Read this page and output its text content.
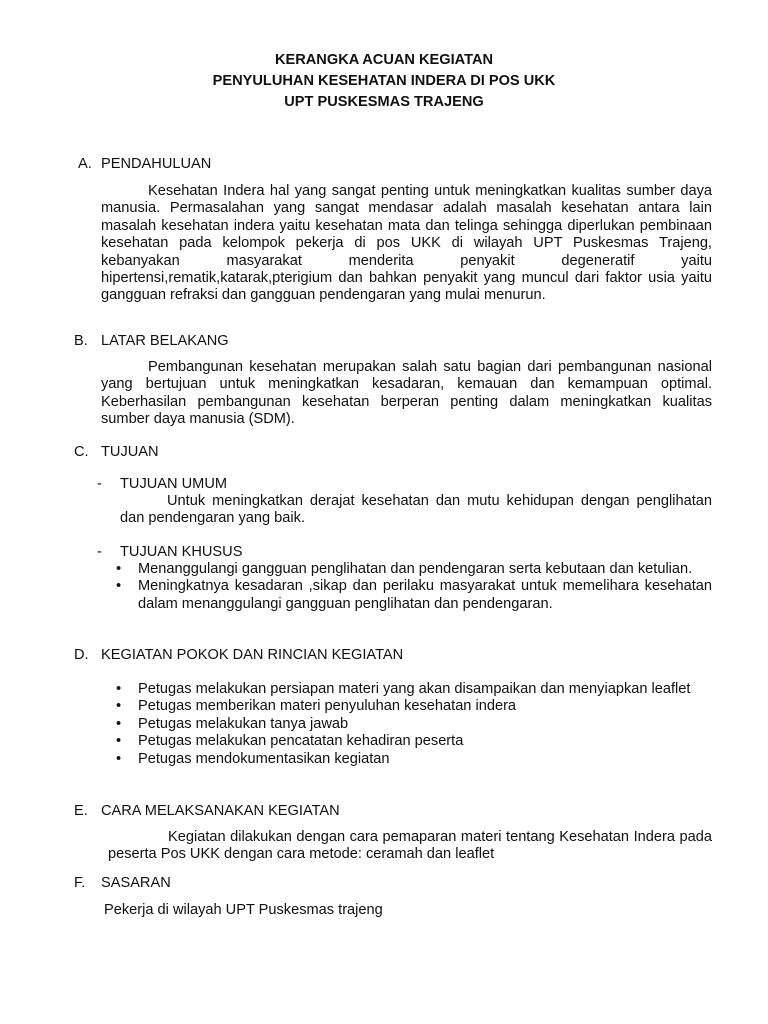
KERANGKA ACUAN KEGIATAN
PENYULUHAN KESEHATAN INDERA DI POS UKK
UPT PUSKESMAS TRAJENG
A. PENDAHULUAN
Kesehatan Indera hal yang sangat penting untuk meningkatkan kualitas sumber daya manusia. Permasalahan yang sangat mendasar adalah masalah kesehatan antara lain masalah kesehatan indera yaitu kesehatan mata dan telinga sehingga diperlukan pembinaan kesehatan pada kelompok pekerja di pos UKK di wilayah UPT Puskesmas Trajeng, kebanyakan masyarakat menderita penyakit degeneratif yaitu hipertensi,rematik,katarak,pterigium dan bahkan penyakit yang muncul dari faktor usia yaitu gangguan refraksi dan gangguan pendengaran yang mulai menurun.
B. LATAR BELAKANG
Pembangunan kesehatan merupakan salah satu bagian dari pembangunan nasional yang bertujuan untuk meningkatkan kesadaran, kemauan dan kemampuan optimal. Keberhasilan pembangunan kesehatan berperan penting dalam meningkatkan kualitas sumber daya manusia (SDM).
C. TUJUAN
- TUJUAN UMUM
Untuk meningkatkan derajat kesehatan dan mutu kehidupan dengan penglihatan dan pendengaran yang baik.
- TUJUAN KHUSUS
• Menanggulangi gangguan penglihatan dan pendengaran serta kebutaan dan ketulian.
• Meningkatnya kesadaran ,sikap dan perilaku masyarakat untuk memelihara kesehatan dalam menanggulangi gangguan penglihatan dan pendengaran.
D. KEGIATAN POKOK DAN RINCIAN KEGIATAN
• Petugas melakukan persiapan materi yang akan disampaikan dan menyiapkan leaflet
• Petugas memberikan materi penyuluhan kesehatan indera
• Petugas melakukan tanya jawab
• Petugas melakukan pencatatan kehadiran peserta
• Petugas mendokumentasikan kegiatan
E. CARA MELAKSANAKAN KEGIATAN
Kegiatan dilakukan dengan cara pemaparan materi tentang Kesehatan Indera pada peserta Pos UKK dengan cara metode: ceramah dan leaflet
F. SASARAN
Pekerja di wilayah UPT Puskesmas trajeng
